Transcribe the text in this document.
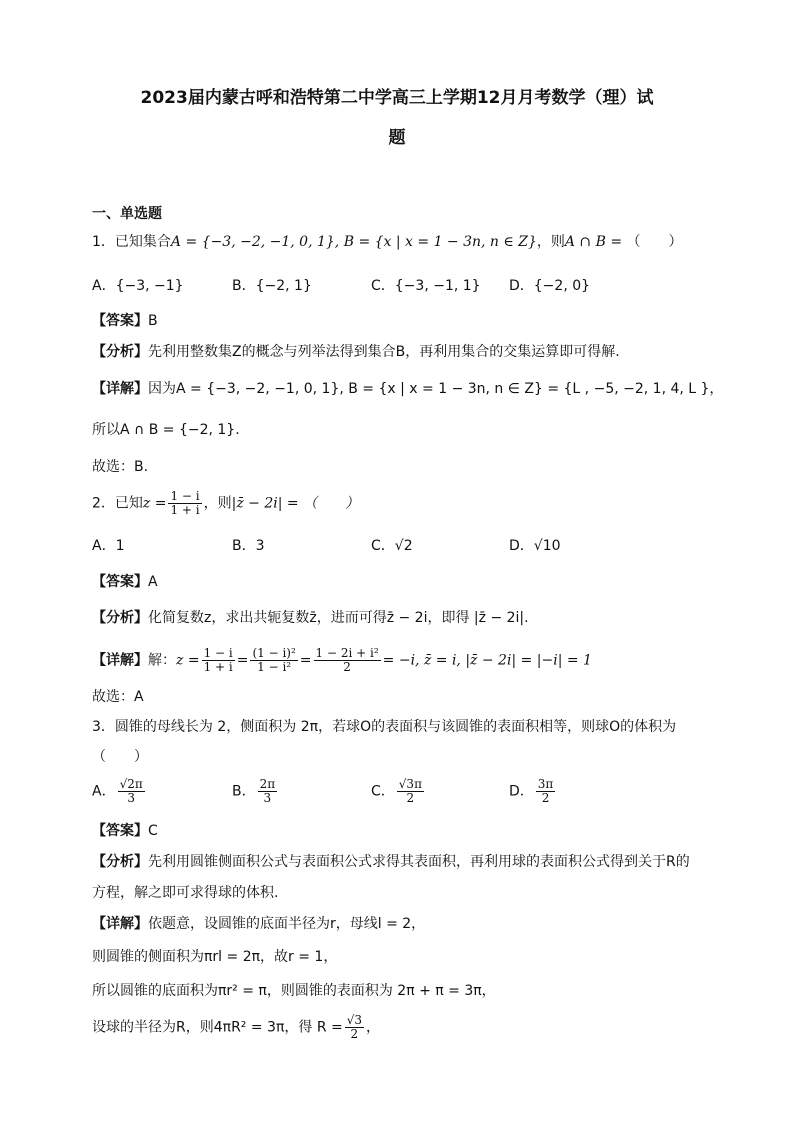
2023届内蒙古呼和浩特第二中学高三上学期12月月考数学（理）试
题
一、单选题
1．已知集合A = {−3, −2, −1, 0, 1}, B = {x | x = 1 − 3n, n ∈ Z}，则A ∩ B = （　　）
A．{−3, −1}	B．{−2, 1}	C．{−3, −1, 1} D．{−2, 0}
【答案】B
【分析】先利用整数集Z的概念与列举法得到集合B，再利用集合的交集运算即可得解.
【详解】因为A = {−3, −2, −1, 0, 1}, B = {x | x = 1 − 3n, n ∈ Z} = {L , −5, −2, 1, 4, L }，
所以A ∩ B = {−2, 1}.
故选：B.
2．已知$z = \frac{1 - i}{1 + i}$ ，则|z̄ − 2i| = （　　）
A．1	B．3	C．√2	D．√10
【答案】A
【分析】化简复数z，求出共轭复数z̄，进而可得z̄ − 2i，即得 |z̄ − 2i|.
【详解】解：$z = \frac{1 - i}{1 + i} = \frac{\text{(1 − i)²}}{\text{1 − i²}} = \frac{\text{1 − 2i + i²}}{2} = -i$, z̄ = i, |z̄ − 2i| = |−i| = 1
故选：A
3．圆锥的母线长为 2，侧面积为 2π，若球O的表面积与该圆锥的表面积相等，则球O的体积为
（　　）
A． $\frac{√2\pi}{3}$	B． $\frac{2\pi}{3}$	C． $\frac{√3\pi}{2}$	D． $\frac{3\pi}{2}$
【答案】C
【分析】先利用圆锥侧面积公式与表面积公式求得其表面积，再利用球的表面积公式得到关于R的
方程，解之即可求得球的体积.
【详解】依题意，设圆锥的底面半径为r，母线l = 2，
则圆锥的侧面积为πrl = 2π，故r = 1，
所以圆锥的底面积为πr² = π，则圆锥的表面积为 2π + π = 3π，
设球的半径为R，则4πR² = 3π，得 $R = \frac{√3}{2}$ ，
